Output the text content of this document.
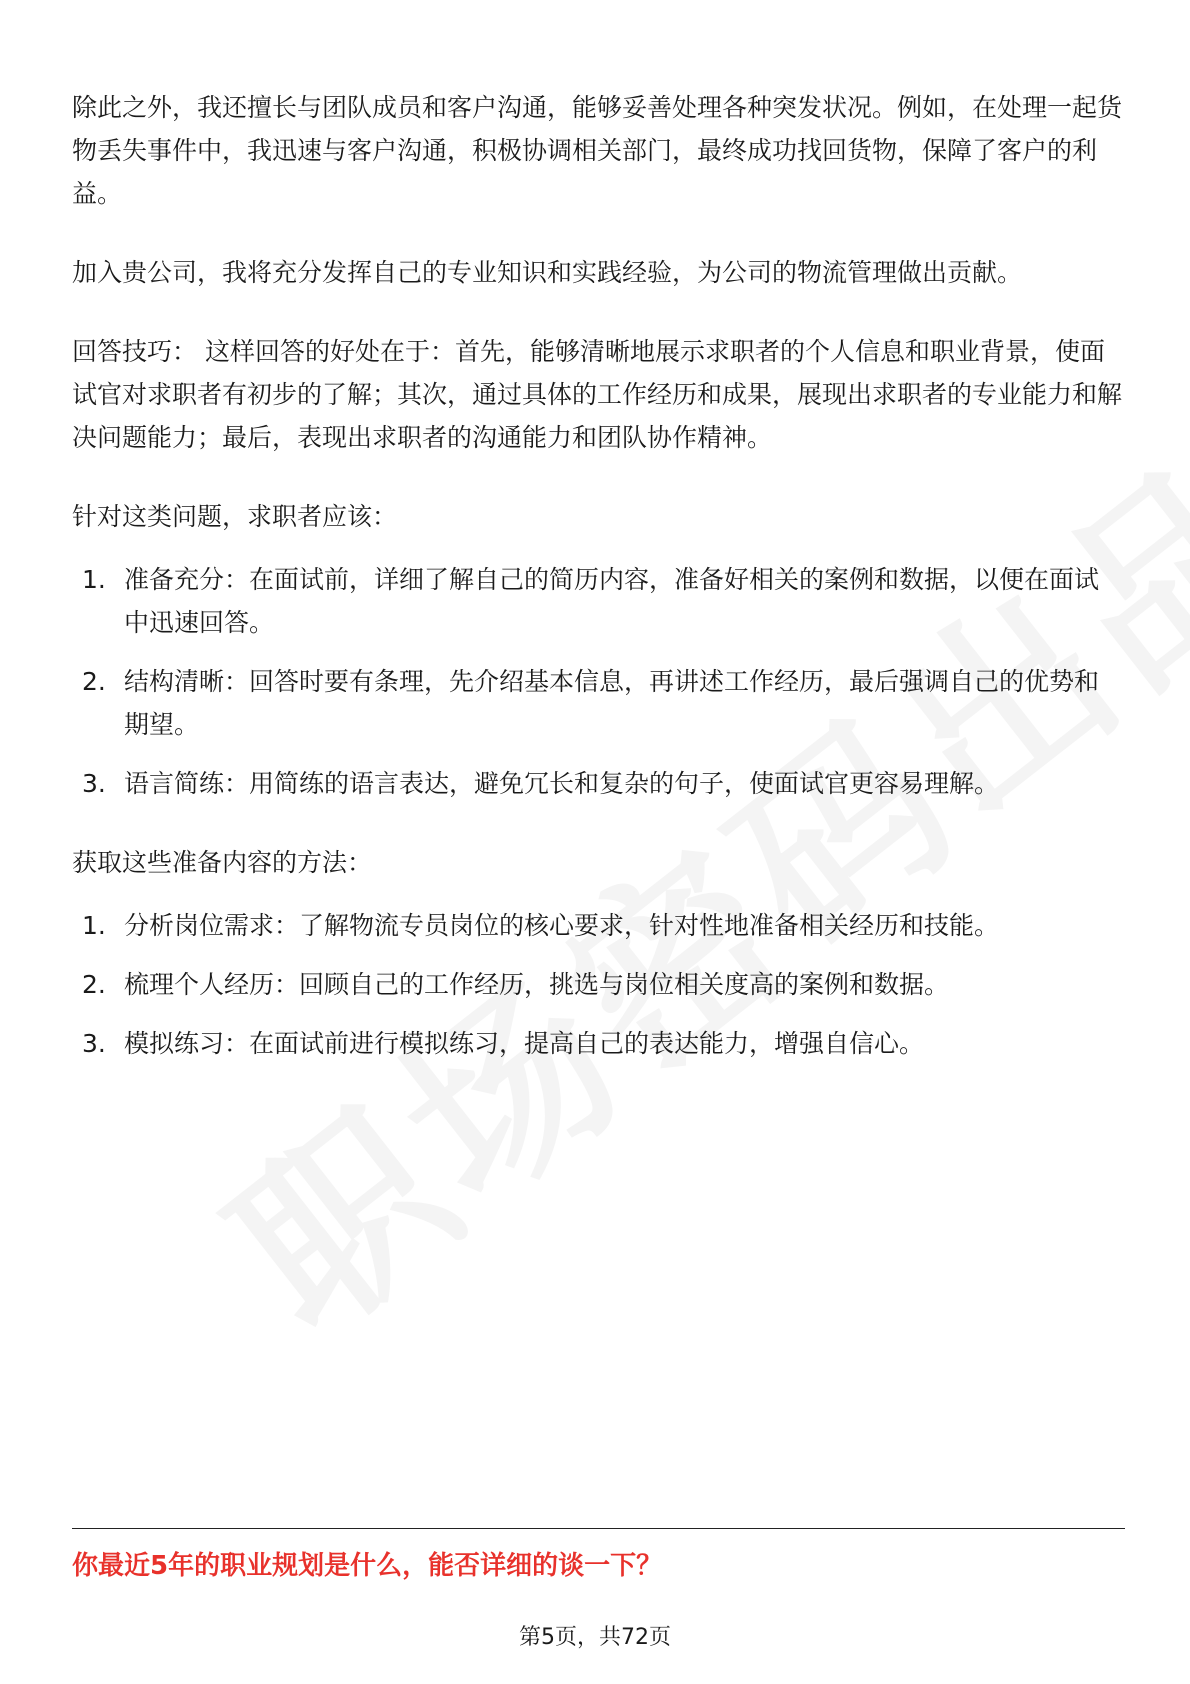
除此之外，我还擅长与团队成员和客户沟通，能够妥善处理各种突发状况。例如，在处理一起货物丢失事件中，我迅速与客户沟通，积极协调相关部门，最终成功找回货物，保障了客户的利益。

加入贵公司，我将充分发挥自己的专业知识和实践经验，为公司的物流管理做出贡献。

回答技巧： 这样回答的好处在于：首先，能够清晰地展示求职者的个人信息和职业背景，使面试官对求职者有初步的了解；其次，通过具体的工作经历和成果，展现出求职者的专业能力和解决问题能力；最后，表现出求职者的沟通能力和团队协作精神。

针对这类问题，求职者应该：

1. 准备充分：在面试前，详细了解自己的简历内容，准备好相关的案例和数据，以便在面试中迅速回答。
2. 结构清晰：回答时要有条理，先介绍基本信息，再讲述工作经历，最后强调自己的优势和期望。
3. 语言简练：用简练的语言表达，避免冗长和复杂的句子，使面试官更容易理解。

获取这些准备内容的方法：

1. 分析岗位需求：了解物流专员岗位的核心要求，针对性地准备相关经历和技能。
2. 梳理个人经历：回顾自己的工作经历，挑选与岗位相关度高的案例和数据。
3. 模拟练习：在面试前进行模拟练习，提高自己的表达能力，增强自信心。
你最近5年的职业规划是什么，能否详细的谈一下？
第5页，共72页
